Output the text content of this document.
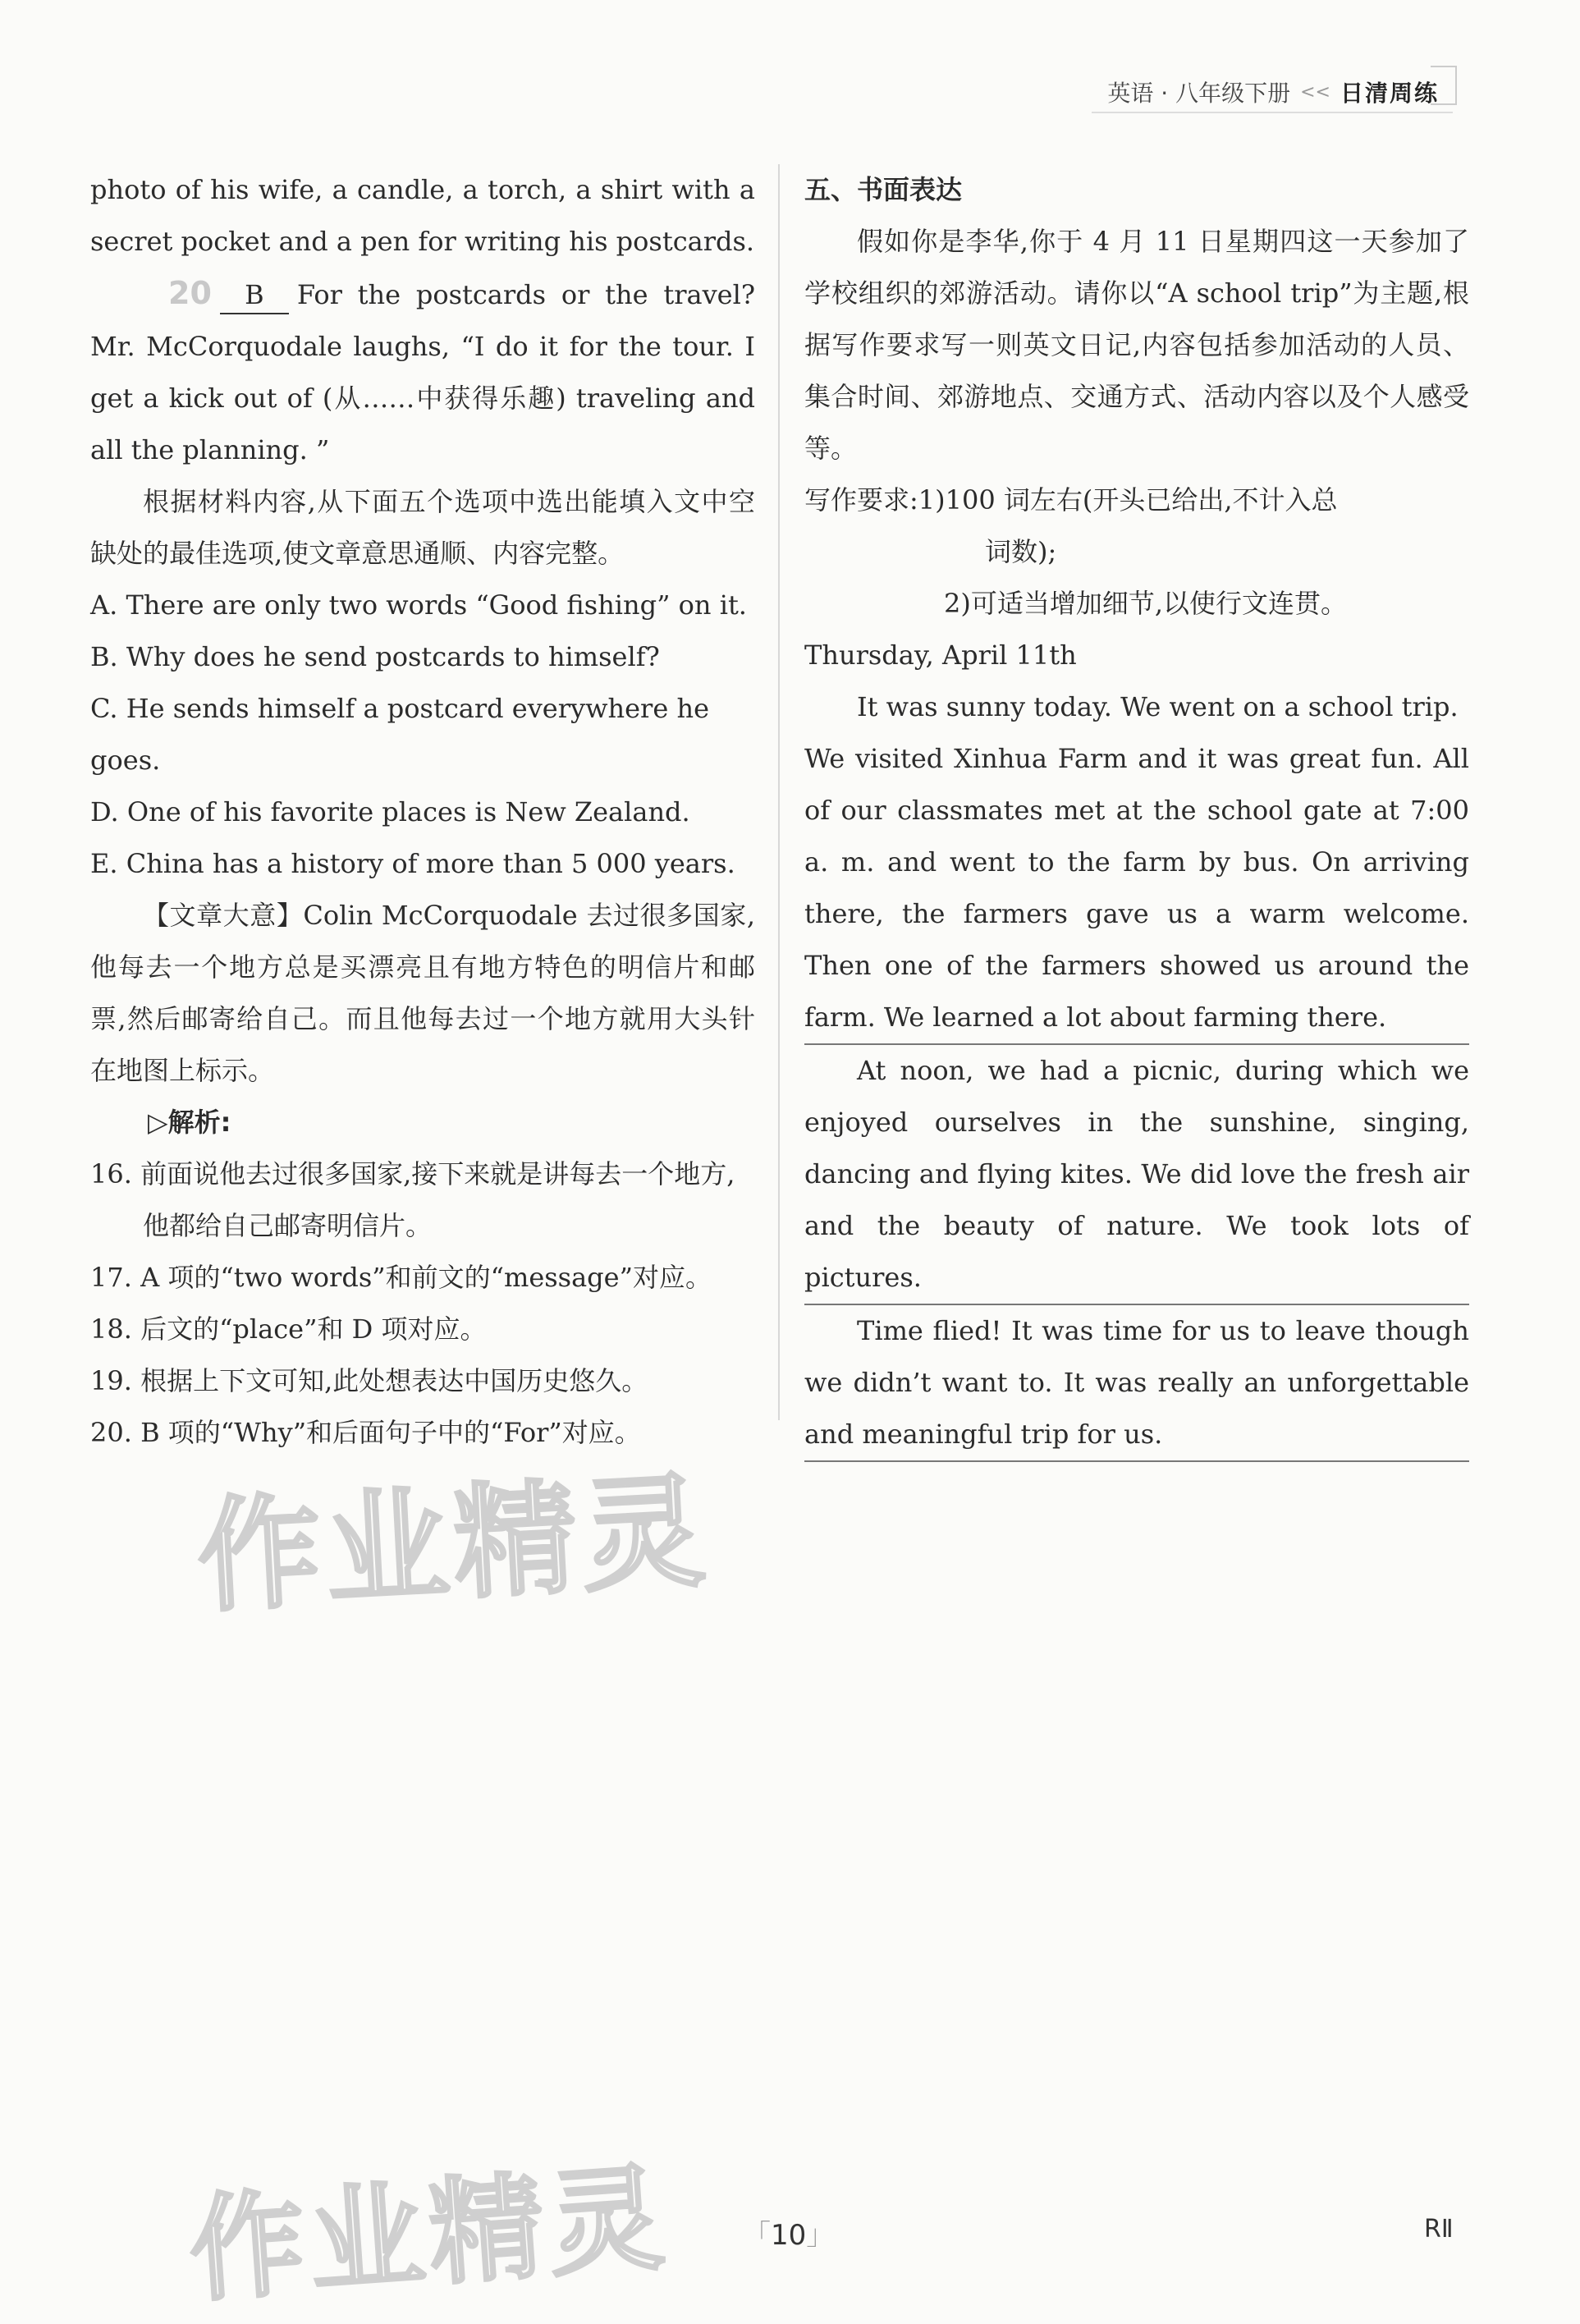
英语 · 八年级下册 << 日清周练

photo of his wife, a candle, a torch, a shirt with a secret pocket and a pen for writing his postcards.

20 B For the postcards or the travel? Mr. McCorquodale laughs, “I do it for the tour. I get a kick out of (从……中获得乐趣) traveling and all the planning. ”

根据材料内容,从下面五个选项中选出能填入文中空缺处的最佳选项,使文章意思通顺、内容完整。

A. There are only two words “Good fishing” on it.

B. Why does he send postcards to himself?

C. He sends himself a postcard everywhere he goes.

D. One of his favorite places is New Zealand.

E. China has a history of more than 5 000 years.

【文章大意】Colin McCorquodale 去过很多国家,他每去一个地方总是买漂亮且有地方特色的明信片和邮票,然后邮寄给自己。而且他每去过一个地方就用大头针在地图上标示。

▷解析:

16. 前面说他去过很多国家,接下来就是讲每去一个地方,他都给自己邮寄明信片。

17. A 项的“two words”和前文的“message”对应。

18. 后文的“place”和 D 项对应。

19. 根据上下文可知,此处想表达中国历史悠久。

20. B 项的“Why”和后面句子中的“For”对应。

五、书面表达

假如你是李华,你于 4 月 11 日星期四这一天参加了学校组织的郊游活动。请你以“A school trip”为主题,根据写作要求写一则英文日记,内容包括参加活动的人员、集合时间、郊游地点、交通方式、活动内容以及个人感受等。

写作要求:1)100 词左右(开头已给出,不计入总

词数);

2)可适当增加细节,以使行文连贯。

Thursday, April 11th

It was sunny today. We went on a school trip.

We visited Xinhua Farm and it was great fun. All of our classmates met at the school gate at 7:00 a. m. and went to the farm by bus. On arriving there, the farmers gave us a warm welcome. Then one of the farmers showed us around the farm. We learned a lot about farming there.

At noon, we had a picnic, during which we enjoyed ourselves in the sunshine, singing, dancing and flying kites. We did love the fresh air and the beauty of nature. We took lots of pictures.

Time flied! It was time for us to leave though we didn’t want to. It was really an unforgettable and meaningful trip for us.

作业精灵
作业精灵	「10」	RⅡ
